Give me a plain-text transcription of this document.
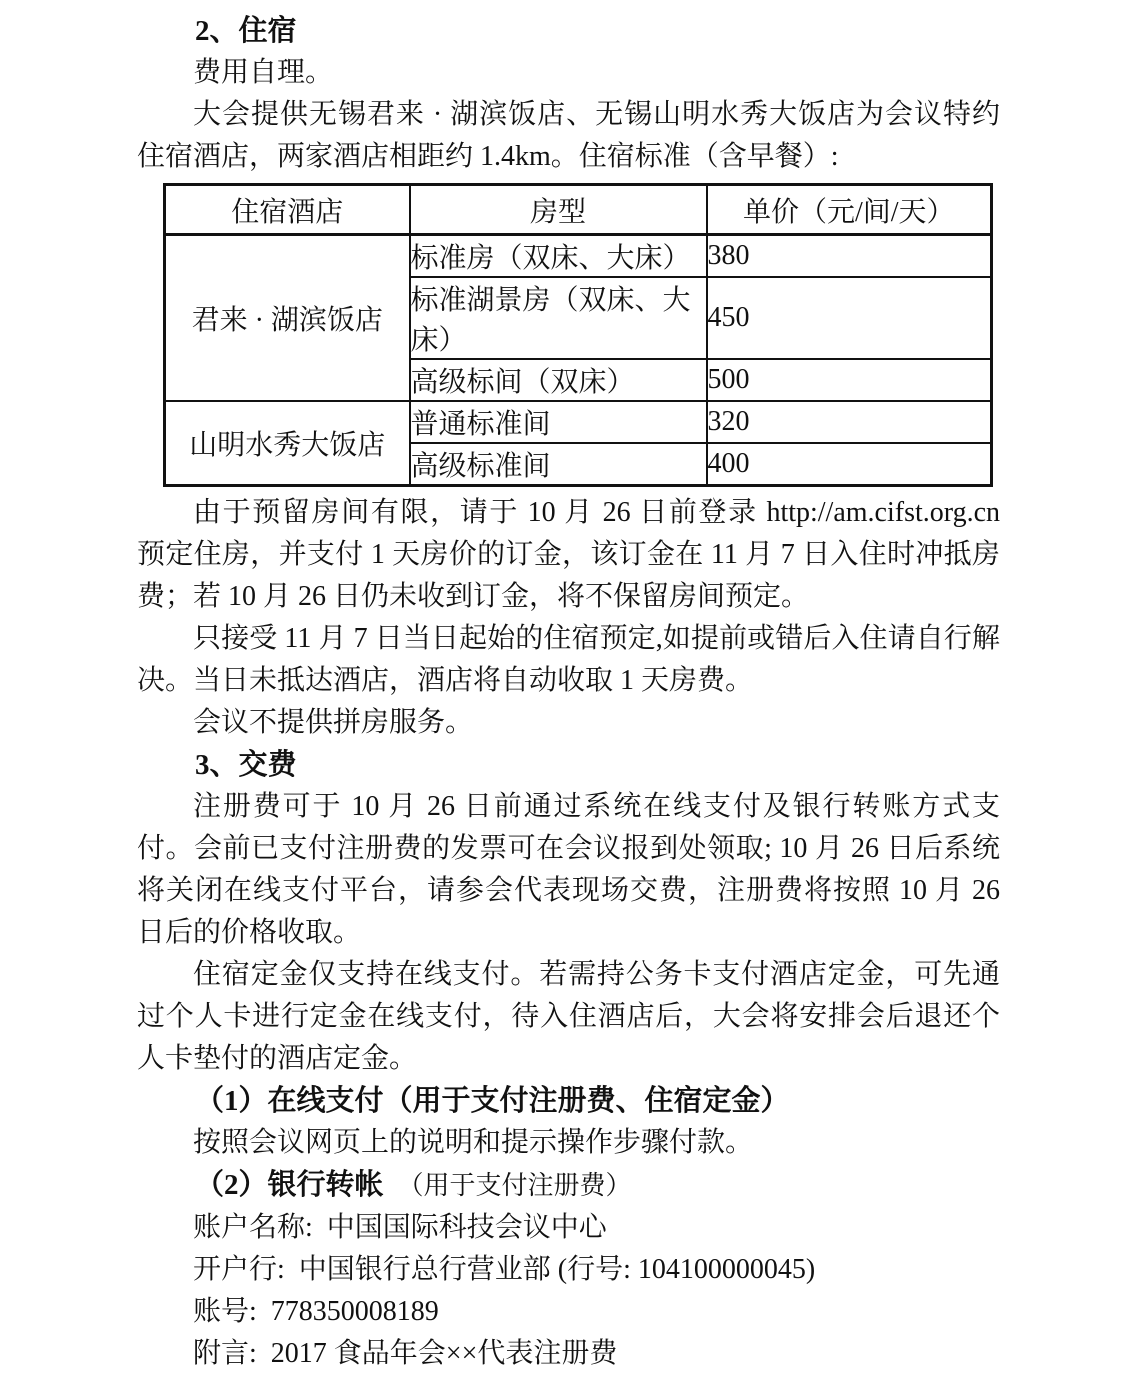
2、住宿

费用自理。

大会提供无锡君来 · 湖滨饭店、无锡山明水秀大饭店为会议特约住宿酒店，两家酒店相距约 1.4km。住宿标准（含早餐）:

住宿酒店	房型	单价（元/间/天）
君来 · 湖滨饭店	标准房（双床、大床）	380
	标准湖景房（双床、大床）	450
	高级标间（双床）	500
山明水秀大饭店	普通标准间	320
	高级标准间	400

由于预留房间有限，请于 10 月 26 日前登录 http://am.cifst.org.cn 预定住房，并支付 1 天房价的订金，该订金在 11 月 7 日入住时冲抵房费；若 10 月 26 日仍未收到订金，将不保留房间预定。

只接受 11 月 7 日当日起始的住宿预定,如提前或错后入住请自行解决。当日未抵达酒店，酒店将自动收取 1 天房费。

会议不提供拼房服务。

3、交费

注册费可于 10 月 26 日前通过系统在线支付及银行转账方式支付。会前已支付注册费的发票可在会议报到处领取; 10 月 26 日后系统将关闭在线支付平台，请参会代表现场交费，注册费将按照 10 月 26 日后的价格收取。

住宿定金仅支持在线支付。若需持公务卡支付酒店定金，可先通过个人卡进行定金在线支付，待入住酒店后，大会将安排会后退还个人卡垫付的酒店定金。

（1）在线支付（用于支付注册费、住宿定金）

按照会议网页上的说明和提示操作步骤付款。

（2）银行转帐 （用于支付注册费）

账户名称: 中国国际科技会议中心

开户行: 中国银行总行营业部 (行号: 104100000045)

账号: 778350008189

附言: 2017 食品年会××代表注册费
